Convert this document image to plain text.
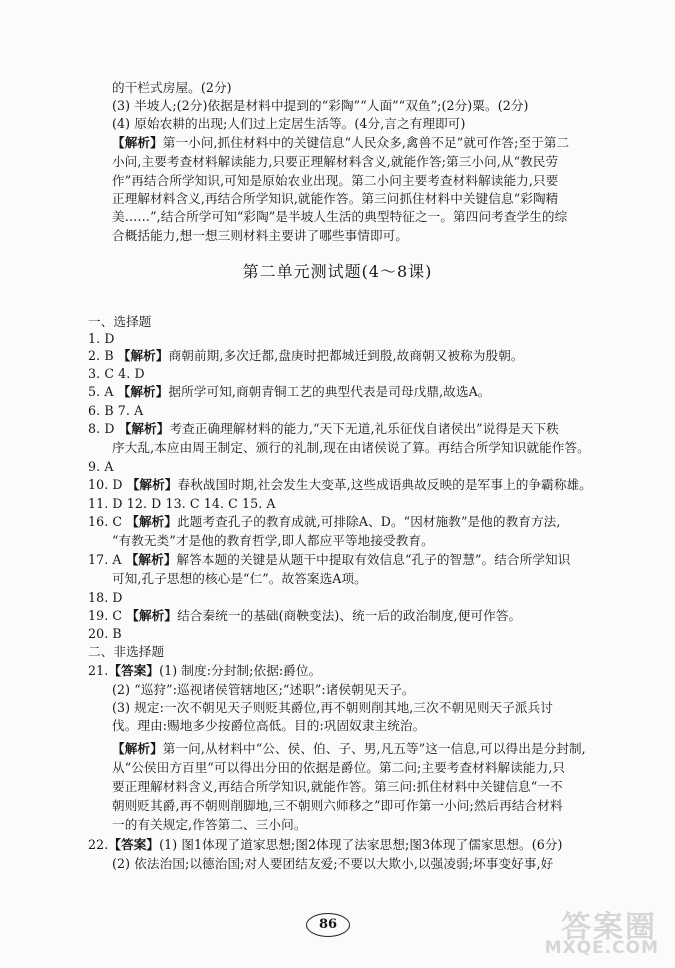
的干栏式房屋。(2分)
(3) 半坡人;(2分)依据是材料中提到的“彩陶”“人面”“双鱼”;(2分)粟。(2分)
(4) 原始农耕的出现;人们过上定居生活等。(4分,言之有理即可)
【解析】第一小问,抓住材料中的关键信息“人民众多,禽兽不足”就可作答;至于第二
小问,主要考查材料解读能力,只要正理解材料含义,就能作答;第三小问,从“教民劳
作”再结合所学知识,可知是原始农业出现。第二小问主要考查材料解读能力,只要
正理解材料含义,再结合所学知识,就能作答。第三问抓住材料中关键信息“彩陶精
美……”,结合所学可知“彩陶”是半坡人生活的典型特征之一。第四问考查学生的综
合概括能力,想一想三则材料主要讲了哪些事情即可。
第二单元测试题(4～8课)
一、选择题
1. D
2. B 【解析】商朝前期,多次迁都,盘庚时把都城迁到殷,故商朝又被称为殷朝。
3. C 4. D
5. A 【解析】据所学可知,商朝青铜工艺的典型代表是司母戊鼎,故选A。
6. B 7. A
8. D 【解析】考查正确理解材料的能力,“天下无道,礼乐征伐自诸侯出”说得是天下秩
序大乱,本应由周王制定、颁行的礼制,现在由诸侯说了算。再结合所学知识就能作答。
9. A
10. D 【解析】春秋战国时期,社会发生大变革,这些成语典故反映的是军事上的争霸称雄。
11. D 12. D 13. C 14. C 15. A
16. C 【解析】此题考查孔子的教育成就,可排除A、D。“因材施教”是他的教育方法,
“有教无类”才是他的教育哲学,即人都应平等地接受教育。
17. A 【解析】解答本题的关键是从题干中提取有效信息“孔子的智慧”。结合所学知识
可知,孔子思想的核心是“仁”。故答案选A项。
18. D
19. C 【解析】结合秦统一的基础(商鞅变法)、统一后的政治制度,便可作答。
20. B
二、非选择题
21.【答案】(1) 制度:分封制;依据:爵位。
(2) “巡狩”:巡视诸侯管辖地区;“述职”:诸侯朝见天子。
(3) 规定:一次不朝见天子则贬其爵位,再不朝则削其地,三次不朝见则天子派兵讨
伐。理由:赐地多少按爵位高低。目的:巩固奴隶主统治。
【解析】第一问,从材料中“公、侯、伯、子、男,凡五等”这一信息,可以得出是分封制,
从“公侯田方百里”可以得出分田的依据是爵位。第二问;主要考查材料解读能力,只
要正理解材料含义,再结合所学知识,就能作答。第三问:抓住材料中关键信息“一不
朝则贬其爵,再不朝则削脚地,三不朝则六师移之”即可作第一小问;然后再结合材料
一的有关规定,作答第二、三小问。
22.【答案】(1) 图1体现了道家思想;图2体现了法家思想;图3体现了儒家思想。(6分)
(2) 依法治国;以德治国;对人要团结友爱;不要以大欺小,以强凌弱;坏事变好事,好
86	答案圈
MXQE.COM
